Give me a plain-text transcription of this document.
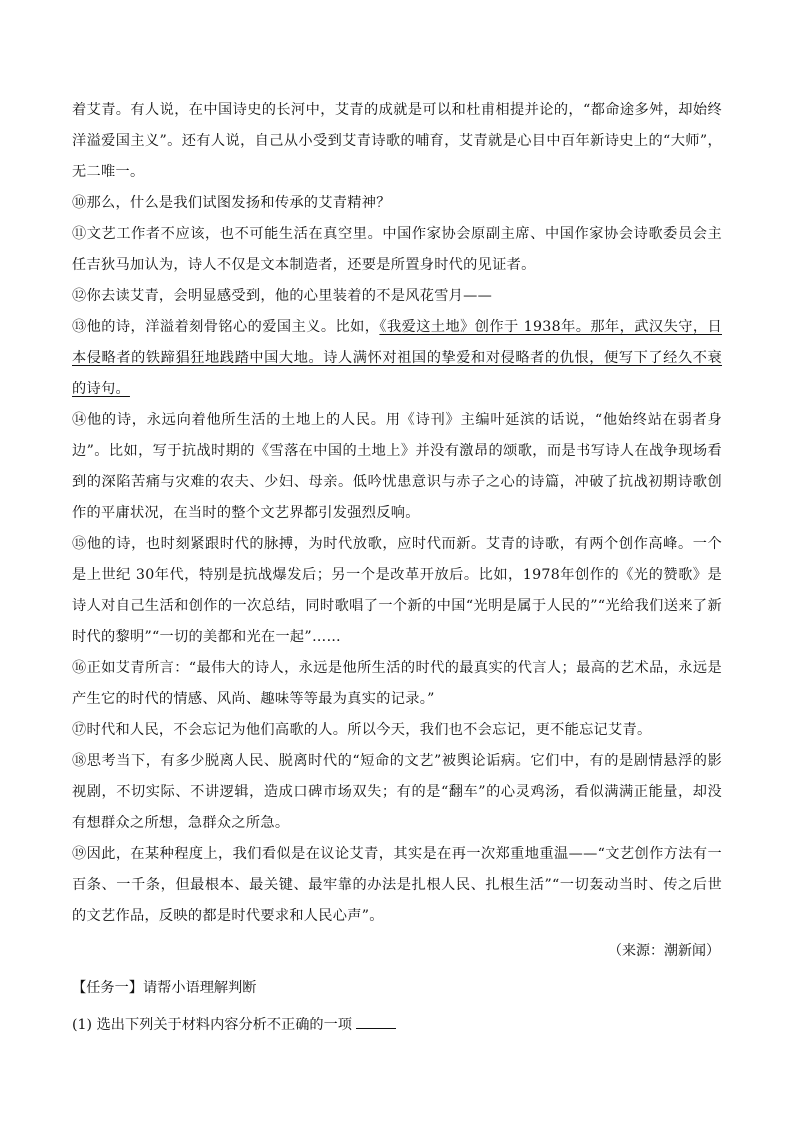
着艾青。有人说，在中国诗史的长河中，艾青的成就是可以和杜甫相提并论的，“都命途多舛，却始终洋溢爱国主义”。还有人说，自己从小受到艾青诗歌的哺育，艾青就是心目中百年新诗史上的“大师”，无二唯一。

⑩那么，什么是我们试图发扬和传承的艾青精神？

⑪文艺工作者不应该，也不可能生活在真空里。中国作家协会原副主席、中国作家协会诗歌委员会主任吉狄马加认为，诗人不仅是文本制造者，还要是所置身时代的见证者。

⑫你去读艾青，会明显感受到，他的心里装着的不是风花雪月——

⑬他的诗，洋溢着刻骨铭心的爱国主义。比如，《我爱这土地》创作于 1938年。那年，武汉失守，日本侵略者的铁蹄猖狂地践踏中国大地。诗人满怀对祖国的挚爱和对侵略者的仇恨，便写下了经久不衰的诗句。

⑭他的诗，永远向着他所生活的土地上的人民。用《诗刊》主编叶延滨的话说，“他始终站在弱者身边”。比如，写于抗战时期的《雪落在中国的土地上》并没有激昂的颂歌，而是书写诗人在战争现场看到的深陷苦痛与灾难的农夫、少妇、母亲。低吟忧患意识与赤子之心的诗篇，冲破了抗战初期诗歌创作的平庸状况，在当时的整个文艺界都引发强烈反响。

⑮他的诗，也时刻紧跟时代的脉搏，为时代放歌，应时代而新。艾青的诗歌，有两个创作高峰。一个是上世纪 30年代，特别是抗战爆发后；另一个是改革开放后。比如，1978年创作的《光的赞歌》是诗人对自己生活和创作的一次总结，同时歌唱了一个新的中国“光明是属于人民的”“光给我们送来了新时代的黎明”“一切的美都和光在一起”……

⑯正如艾青所言：“最伟大的诗人，永远是他所生活的时代的最真实的代言人；最高的艺术品，永远是产生它的时代的情感、风尚、趣味等等最为真实的记录。”

⑰时代和人民，不会忘记为他们高歌的人。所以今天，我们也不会忘记，更不能忘记艾青。

⑱思考当下，有多少脱离人民、脱离时代的“短命的文艺”被舆论诟病。它们中，有的是剧情悬浮的影视剧，不切实际、不讲逻辑，造成口碑市场双失；有的是“翻车”的心灵鸡汤，看似满满正能量，却没有想群众之所想，急群众之所急。

⑲因此，在某种程度上，我们看似是在议论艾青，其实是在再一次郑重地重温——“文艺创作方法有一百条、一千条，但最根本、最关键、最牢靠的办法是扎根人民、扎根生活”“一切轰动当时、传之后世的文艺作品，反映的都是时代要求和人民心声”。

（来源：潮新闻）

【任务一】请帮小语理解判断

(1) 选出下列关于材料内容分析不正确的一项
